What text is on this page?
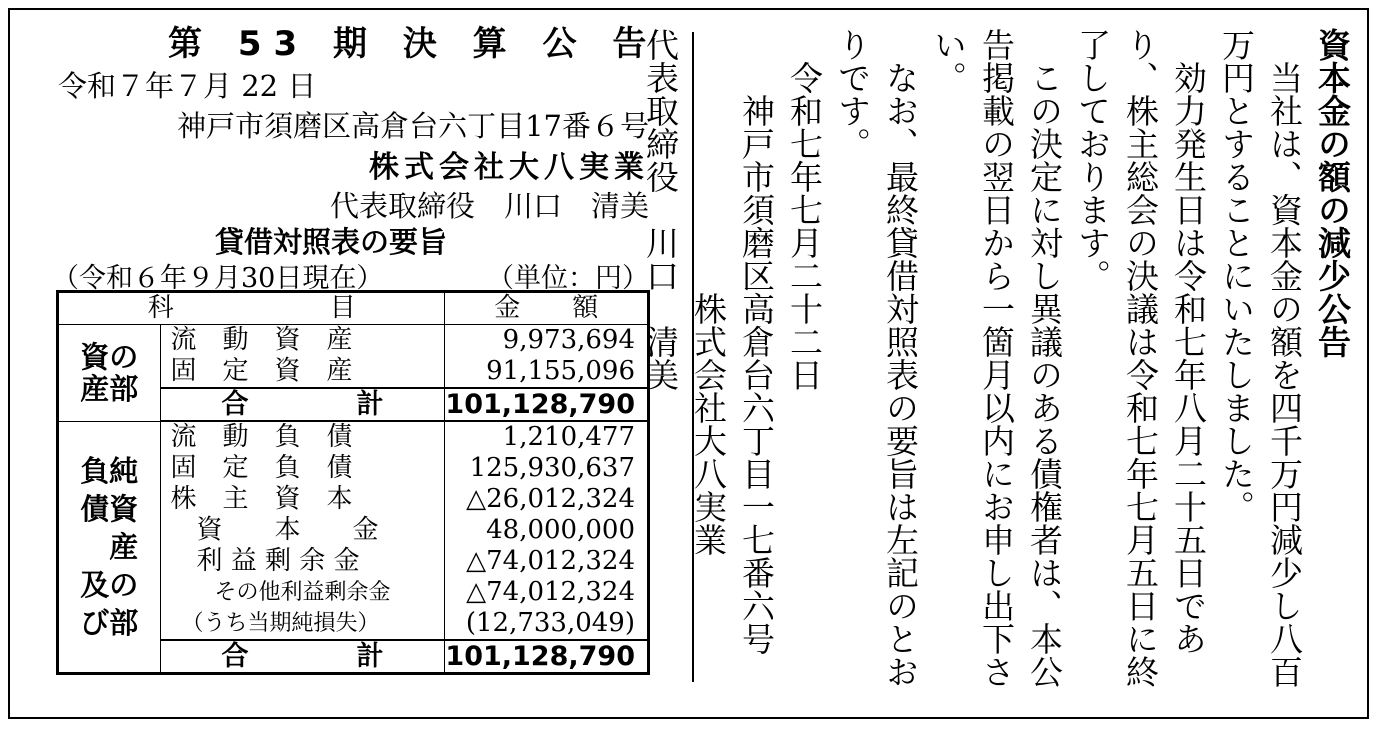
第 53 期 決 算 公 告
令和７年７月 22 日
神戸市須磨区高倉台六丁目17番６号
株式会社大八実業
代表取締役　川口　清美
貸借対照表の要旨
（令和６年９月30日現在）	（単位：円）
科　　　　　　目		金　　額
資の
産部	流　動　資　産	9,973,694
	固　定　資　産	91,155,096
	合　　　　計	101,128,790
負純
債資
　産
及の
び部	流　動　負　債	1,210,477
	固　定　負　債	125,930,637
	株　主　資　本	△26,012,324
	　資　　本　　金	48,000,000
	　利 益 剰 余 金	△74,012,324
	　　その他利益剰余金	△74,012,324
	　（うち当期純損失）	(12,733,049)
	合　　　　計	101,128,790
資本金の額の減少公告
当社は、資本金の額を四千万円減少し八百
万円とすることにいたしました。
効力発生日は令和七年八月二十五日であ
り、株主総会の決議は令和七年七月五日に終
了しております。
この決定に対し異議のある債権者は、本公
告掲載の翌日から一箇月以内にお申し出下さ
い。
なお、最終貸借対照表の要旨は左記のとお
りです。
令和七年七月二十二日
神戸市須磨区高倉台六丁目一七番六号
株式会社大八実業
代表取締役　川口　清美
